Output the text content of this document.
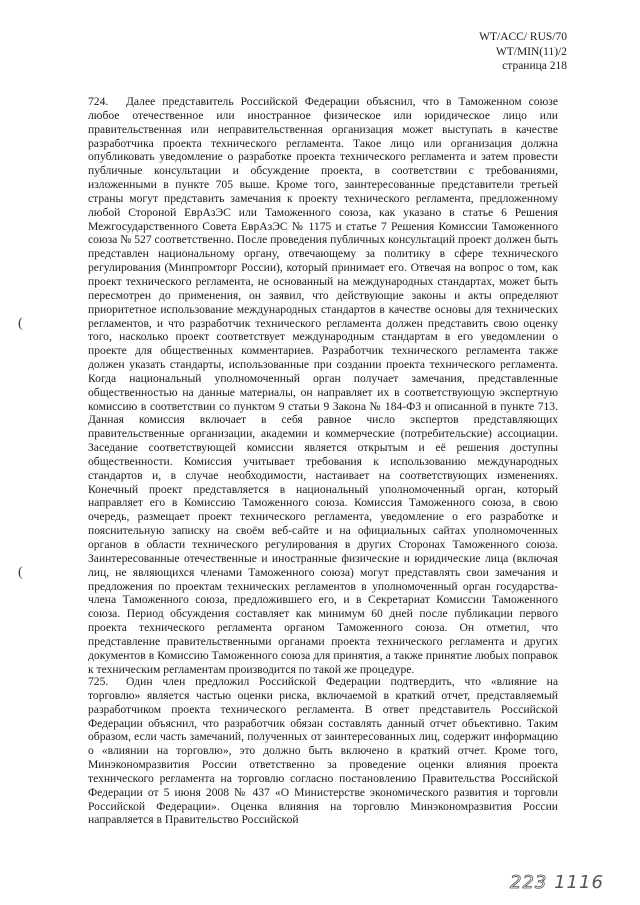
WT/ACC/ RUS/70
WT/MIN(11)/2
страница 218

724. Далее представитель Российской Федерации объяснил, что в Таможенном союзе любое отечественное или иностранное физическое или юридическое лицо или правительственная или неправительственная организация может выступать в качестве разработчика проекта технического регламента. Такое лицо или организация должна опубликовать уведомление о разработке проекта технического регламента и затем провести публичные консультации и обсуждение проекта, в соответствии с требованиями, изложенными в пункте 705 выше. Кроме того, заинтересованные представители третьей страны могут представить замечания к проекту технического регламента, предложенному любой Стороной ЕврАзЭС или Таможенного союза, как указано в статье 6 Решения Межгосударственного Совета ЕврАзЭС № 1175 и статье 7 Решения Комиссии Таможенного союза № 527 соответственно. После проведения публичных консультаций проект должен быть представлен национальному органу, отвечающему за политику в сфере технического регулирования (Минпромторг России), который принимает его. Отвечая на вопрос о том, как проект технического регламента, не основанный на международных стандартах, может быть пересмотрен до применения, он заявил, что действующие законы и акты определяют приоритетное использование международных стандартов в качестве основы для технических регламентов, и что разработчик технического регламента должен представить свою оценку того, насколько проект соответствует международным стандартам в его уведомлении о проекте для общественных комментариев. Разработчик технического регламента также должен указать стандарты, использованные при создании проекта технического регламента. Когда национальный уполномоченный орган получает замечания, представленные общественностью на данные материалы, он направляет их в соответствующую экспертную комиссию в соответствии со пунктом 9 статьи 9 Закона № 184-ФЗ и описанной в пункте 713. Данная комиссия включает в себя равное число экспертов представляющих правительственные организации, академии и коммерческие (потребительские) ассоциации. Заседание соответствующей комиссии является открытым и её решения доступны общественности. Комиссия учитывает требования к использованию международных стандартов и, в случае необходимости, настаивает на соответствующих изменениях. Конечный проект представляется в национальный уполномоченный орган, который направляет его в Комиссию Таможенного союза. Комиссия Таможенного союза, в свою очередь, размещает проект технического регламента, уведомление о его разработке и пояснительную записку на своём веб-сайте и на официальных сайтах уполномоченных органов в области технического регулирования в других Сторонах Таможенного союза. Заинтересованные отечественные и иностранные физические и юридические лица (включая лиц, не являющихся членами Таможенного союза) могут представлять свои замечания и предложения по проектам технических регламентов в уполномоченный орган государства-члена Таможенного союза, предложившего его, и в Секретариат Комиссии Таможенного союза. Период обсуждения составляет как минимум 60 дней после публикации первого проекта технического регламента органом Таможенного союза. Он отметил, что представление правительственными органами проекта технического регламента и других документов в Комиссию Таможенного союза для принятия, а также принятие любых поправок к техническим регламентам производится по такой же процедуре.

725. Один член предложил Российской Федерации подтвердить, что «влияние на торговлю» является частью оценки риска, включаемой в краткий отчет, представляемый разработчиком проекта технического регламента. В ответ представитель Российской Федерации объяснил, что разработчик обязан составлять данный отчет объективно. Таким образом, если часть замечаний, полученных от заинтересованных лиц, содержит информацию о «влиянии на торговлю», это должно быть включено в краткий отчет. Кроме того, Минэкономразвития России ответственно за проведение оценки влияния проекта технического регламента на торговлю согласно постановлению Правительства Российской Федерации от 5 июня 2008 № 437 «О Министерстве экономического развития и торговли Российской Федерации». Оценка влияния на торговлю Минэкономразвития России направляется в Правительство Российской

(
(
223 1116
